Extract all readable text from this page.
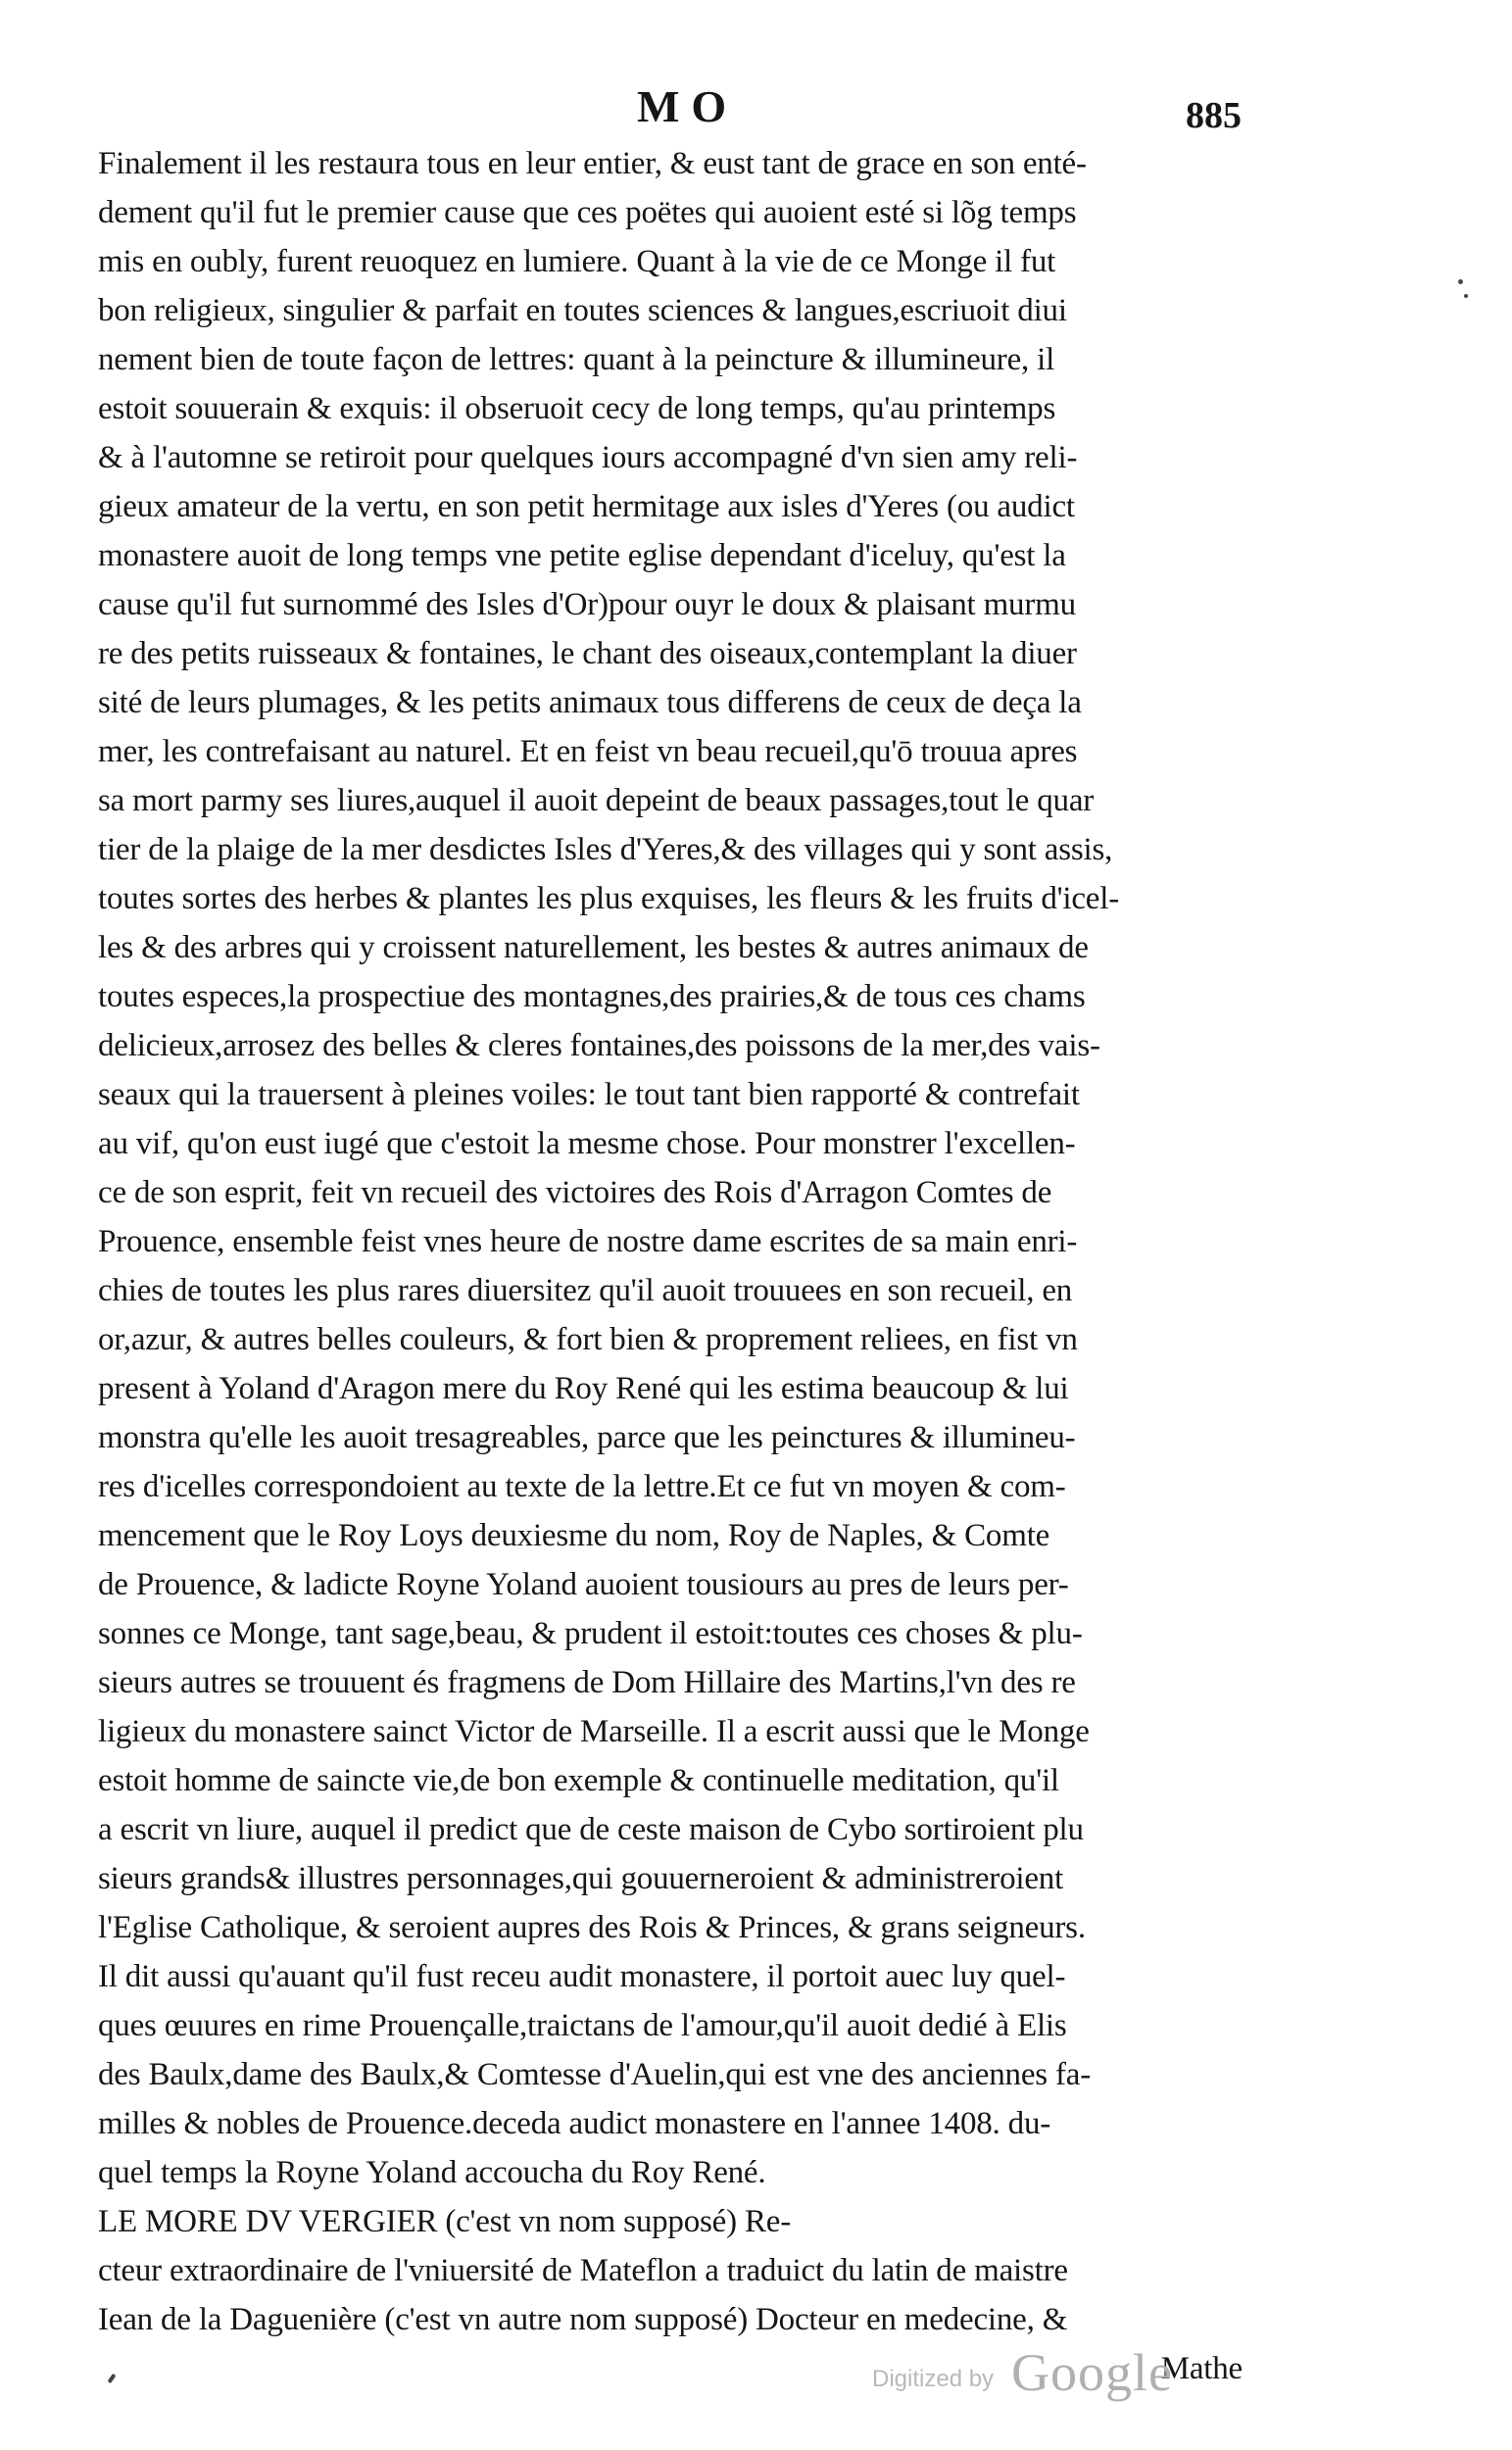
MO	885
Finalement il les restaura tous en leur entier, & eust tant de grace en son enté-
dement qu'il fut le premier cause que ces poëtes qui auoient esté si lõg temps
mis en oubly, furent reuoquez en lumiere. Quant à la vie de ce Monge il fut
bon religieux, singulier & parfait en toutes sciences & langues,escriuoit diui
nement bien de toute façon de lettres: quant à la peincture & illumineure, il
estoit souuerain & exquis: il obseruoit cecy de long temps, qu'au printemps
& à l'automne se retiroit pour quelques iours accompagné d'vn sien amy reli-
gieux amateur de la vertu, en son petit hermitage aux isles d'Yeres (ou audict
monastere auoit de long temps vne petite eglise dependant d'iceluy, qu'est la
cause qu'il fut surnommé des Isles d'Or)pour ouyr le doux & plaisant murmu
re des petits ruisseaux & fontaines, le chant des oiseaux,contemplant la diuer
sité de leurs plumages, & les petits animaux tous differens de ceux de deça la
mer, les contrefaisant au naturel. Et en feist vn beau recueil,qu'ō trouua apres
sa mort parmy ses liures,auquel il auoit depeint de beaux passages,tout le quar
tier de la plaige de la mer desdictes Isles d'Yeres,& des villages qui y sont assis,
toutes sortes des herbes & plantes les plus exquises, les fleurs & les fruits d'icel-
les & des arbres qui y croissent naturellement, les bestes & autres animaux de
toutes especes,la prospectiue des montagnes,des prairies,& de tous ces chams
delicieux,arrosez des belles & cleres fontaines,des poissons de la mer,des vais-
seaux qui la trauersent à pleines voiles: le tout tant bien rapporté & contrefait
au vif, qu'on eust iugé que c'estoit la mesme chose. Pour monstrer l'excellen-
ce de son esprit, feit vn recueil des victoires des Rois d'Arragon Comtes de
Prouence, ensemble feist vnes heure de nostre dame escrites de sa main enri-
chies de toutes les plus rares diuersitez qu'il auoit trouuees en son recueil, en
or,azur, & autres belles couleurs, & fort bien & proprement reliees, en fist vn
present à Yoland d'Aragon mere du Roy René qui les estima beaucoup & lui
monstra qu'elle les auoit tresagreables, parce que les peinctures & illumineu-
res d'icelles correspondoient au texte de la lettre.Et ce fut vn moyen & com-
mencement que le Roy Loys deuxiesme du nom, Roy de Naples, & Comte
de Prouence, & ladicte Royne Yoland auoient tousiours au pres de leurs per-
sonnes ce Monge, tant sage,beau, & prudent il estoit:toutes ces choses & plu-
sieurs autres se trouuent és fragmens de Dom Hillaire des Martins,l'vn des re
ligieux du monastere sainct Victor de Marseille. Il a escrit aussi que le Monge
estoit homme de saincte vie,de bon exemple & continuelle meditation, qu'il
a escrit vn liure, auquel il predict que de ceste maison de Cybo sortiroient plu
sieurs grands& illustres personnages,qui gouuerneroient & administreroient
l'Eglise Catholique, & seroient aupres des Rois & Princes, & grans seigneurs.
Il dit aussi qu'auant qu'il fust receu audit monastere, il portoit auec luy quel-
ques œuures en rime Prouençalle,traictans de l'amour,qu'il auoit dedié à Elis
des Baulx,dame des Baulx,& Comtesse d'Auelin,qui est vne des anciennes fa-
milles & nobles de Prouence.deceda audict monastere en l'annee 1408. du-
quel temps la Royne Yoland accoucha du Roy René.
LE MORE DV VERGIER (c'est vn nom supposé) Re-
cteur extraordinaire de l'vniuersité de Mateflon a traduict du latin de maistre
Iean de la Daguenière (c'est vn autre nom supposé) Docteur en medecine, &
Mathe
Digitized by Google
